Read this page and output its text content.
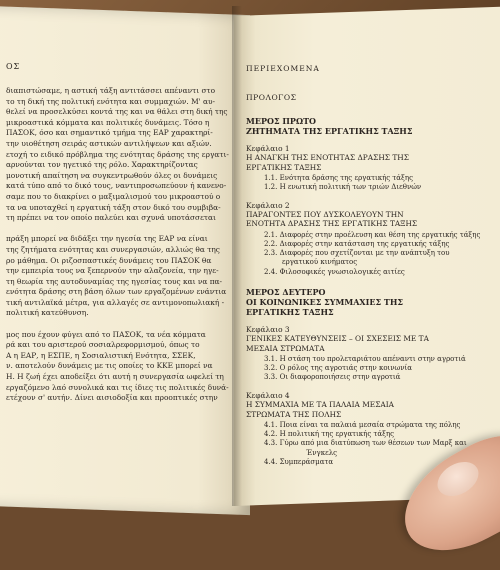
ΟΣ

διαπιστώσαμε, η αστική τάξη αντιτάσσει απέναντι στο

το τη δική της πολιτική ενότητα και συμμαχιών. Μ' αυ-

θελεί να προσελκύσει κοντά της και να θάλει στη δική της

μικροαστικά κόμματα και πολιτικές δυνάμεις. Τόσο η

ΠΑΣΟΚ, όσο και σημαντικό τμήμα της ΕΑΡ χαρακτηρί-

την υιοθέτηση σειράς αστικών αντιλήψεων και αξιών.

ετοχή το ειδικό πρόβλημα της ενότητας δράσης της εργατι-

αρνούνται τον ηγετικό της ρόλο. Χαρακτηρίζοντας

μονοτική απαίτηση να συγκεντρωθούν όλες οι δυνάμεις

κατά τύπο από το δικό τους, ναντιπροσωπεύουν ή κανενο-

σαμε που το διακρίνει ο μαξιμαλισμού του μικροαστού ο

τα να υποταχθεί η εργατική τάξη στον δικό του συμβιβα-

τη πρέπει να τον οποίο παλεύει και σχυνά υποτάσσεται

πράξη μπορεί να διδάξει την ηγεσία της ΕΑΡ να είναι

της ζητήματα ενότητας και συνεργασιών, αλλιώς θα της

ρο μάθημα. Οι ριζοσπαστικές δυνάμεις του ΠΑΣΟΚ θα

την εμπειρία τους να ξεπερνούν την αλαζονεία, την ηγε-

τη θεωρία της αυτοδυναμίας της ηγεσίας τους και να πα-

ενότητα δράσης στη βάση όλων των εργαζομένων ενάντια

τική αντιλαϊκά μέτρα, για αλλαγές σε αντιμονοπωλιακή -

πολιτική κατεύθυνση.

μος που έχουν φύγει από το ΠΑΣΟΚ, τα νέα κόμματα

ρά και του αριστερού σοσιαλρεφορμισμού, όπως το

Α η ΕΑΡ, η ΕΣΠΕ, η Σοσιαλιστική Ενότητα, ΣΣΕΚ,

ν. αποτελούν δυνάμεις με τις οποίες το ΚΚΕ μπορεί να

Η. Η ζωή έχει αποδείξει ότι αυτή η συνεργασία ωφελεί τη

εργαζόμενο λαό συνολικά και τις ίδιες τις πολιτικές δυνά-

ετέχουν σ' αυτήν. Δίνει αισιοδοξία και προοπτικές στην

ΠΕΡΙΕΧΟΜΕΝΑ
ΠΡΟΛΟΓΟΣ
ΜΕΡΟΣ ΠΡΩΤΟ
ΖΗΤΗΜΑΤΑ ΤΗΣ ΕΡΓΑΤΙΚΗΣ ΤΑΞΗΣ
Κεφάλαιο 1
Η ΑΝΑΓΚΗ ΤΗΣ ΕΝΟΤΗΤΑΣ ΔΡΑΣΗΣ ΤΗΣ
ΕΡΓΑΤΙΚΗΣ ΤΑΞΗΣ
1.1. Ενότητα δράσης της εργατικής τάξης
1.2. Η ενωτική πολιτική των τριών Διεθνών
Κεφάλαιο 2
ΠΑΡΑΓΟΝΤΕΣ ΠΟΥ ΔΥΣΚΟΛΕΥΟΥΝ ΤΗΝ
ΕΝΟΤΗΤΑ ΔΡΑΣΗΣ ΤΗΣ ΕΡΓΑΤΙΚΗΣ ΤΑΞΗΣ
2.1. Διαφορές στην προέλευση και θέση της εργατικής τάξης
2.2. Διαφορές στην κατάσταση της εργατικής τάξης
2.3. Διαφορές που σχετίζονται με την ανάπτυξη του
εργατικού κινήματος
2.4. Φιλοσοφικές γνωσιολογικές αιτίες
ΜΕΡΟΣ ΔΕΥΤΕΡΟ
ΟΙ ΚΟΙΝΩΝΙΚΕΣ ΣΥΜΜΑΧΙΕΣ ΤΗΣ
ΕΡΓΑΤΙΚΗΣ ΤΑΞΗΣ
Κεφάλαιο 3
ΓΕΝΙΚΕΣ ΚΑΤΕΥΘΥΝΣΕΙΣ – ΟΙ ΣΧΕΣΕΙΣ ΜΕ ΤΑ
ΜΕΣΑΙΑ ΣΤΡΩΜΑΤΑ
3.1. Η στάση του προλεταριάτου απέναντι στην αγροτιά
3.2. Ο ρόλος της αγροτιάς στην κοινωνία
3.3. Οι διαφοροποιήσεις στην αγροτιά
Κεφάλαιο 4
Η ΣΥΜΜΑΧΙΑ ΜΕ ΤΑ ΠΑΛΑΙΑ ΜΕΣΑΙΑ
ΣΤΡΩΜΑΤΑ ΤΗΣ ΠΟΛΗΣ
4.1. Ποια είναι τα παλαιά μεσαία στρώματα της πόλης
4.2. Η πολιτική της εργατικής τάξης
4.3. Γύρω από μια διατύπωση των θέσεων των Μαρξ και
Ένγκελς
4.4. Συμπεράσματα
